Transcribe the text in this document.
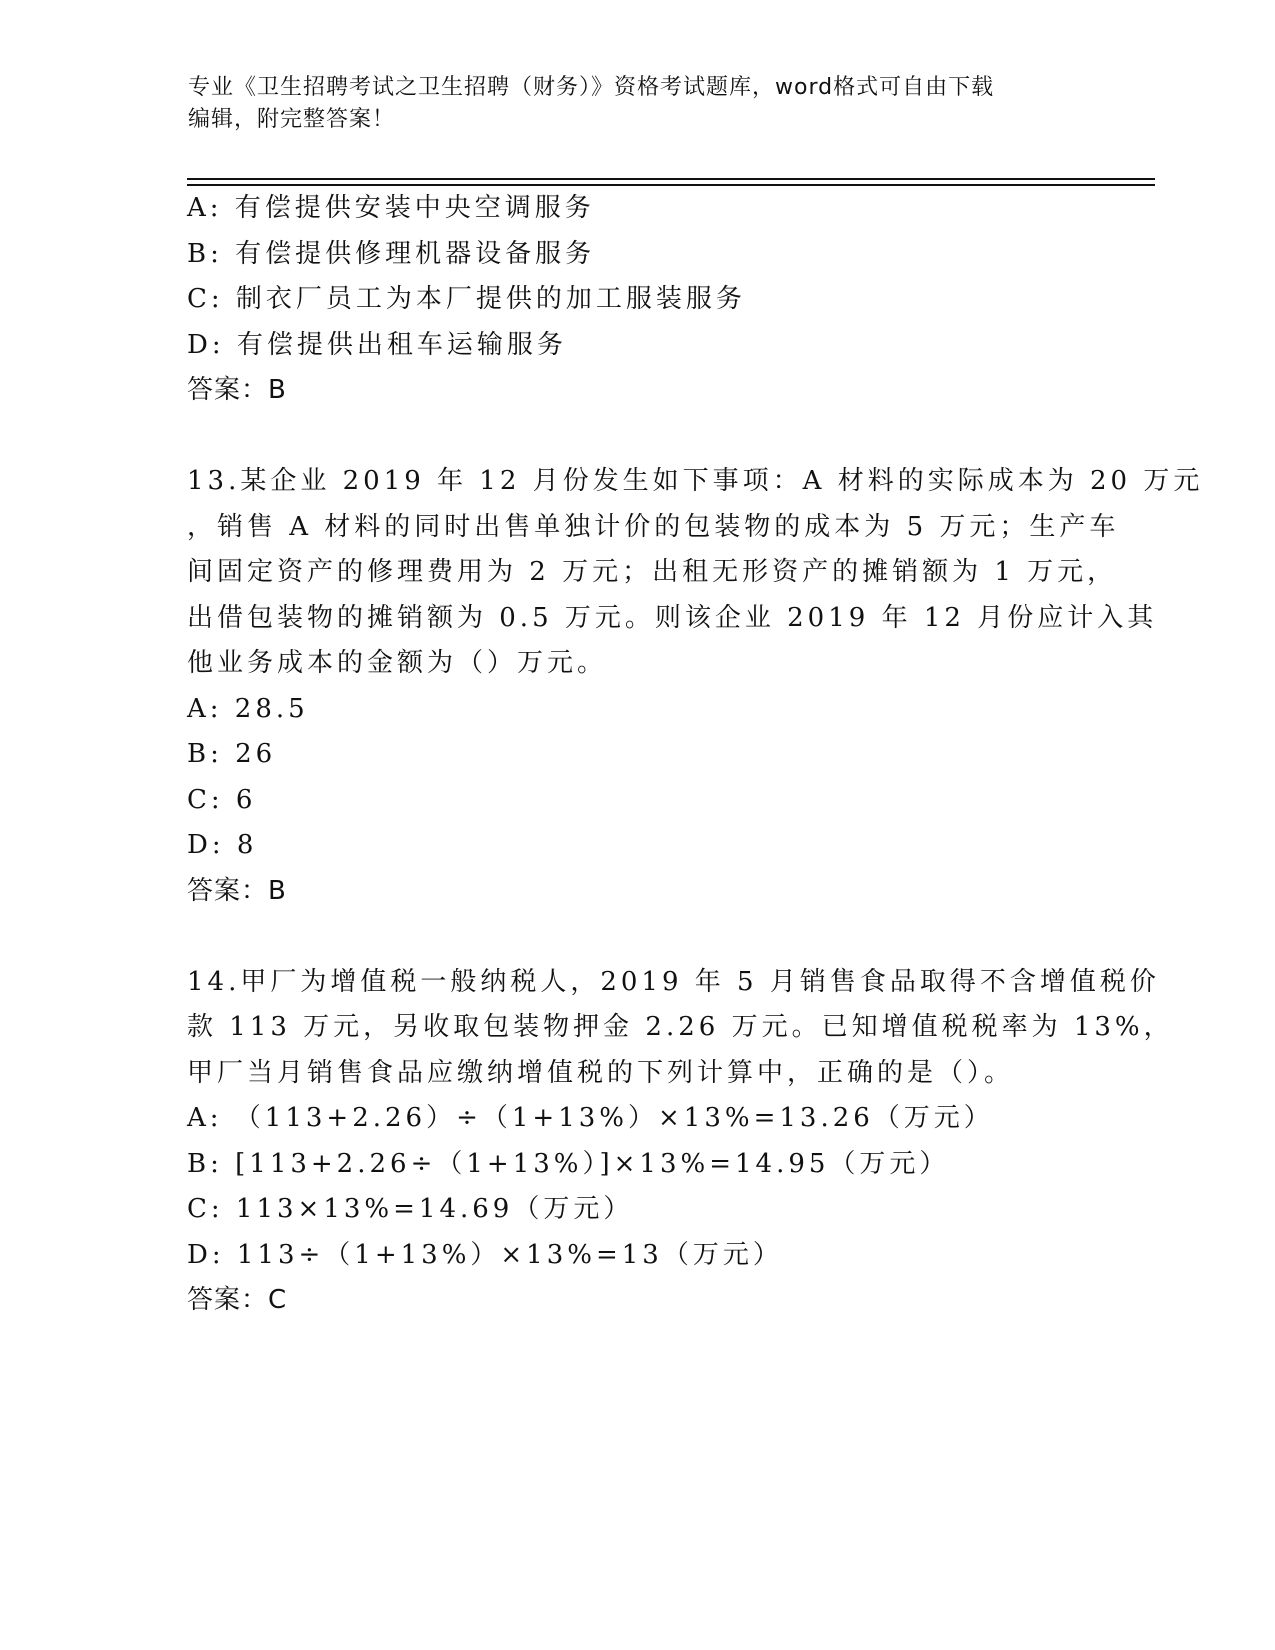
专业《卫生招聘考试之卫生招聘（财务）》资格考试题库，word格式可自由下载
编辑，附完整答案！
A: 有偿提供安装中央空调服务
B: 有偿提供修理机器设备服务
C: 制衣厂员工为本厂提供的加工服装服务
D: 有偿提供出租车运输服务
答案：B
13.某企业 2019 年 12 月份发生如下事项：A 材料的实际成本为 20 万元
，销售 A 材料的同时出售单独计价的包装物的成本为 5 万元；生产车
间固定资产的修理费用为 2 万元；出租无形资产的摊销额为 1 万元，
出借包装物的摊销额为 0.5 万元。则该企业 2019 年 12 月份应计入其
他业务成本的金额为（）万元。
A: 28.5
B: 26
C: 6
D: 8
答案：B
14.甲厂为增值税一般纳税人，2019 年 5 月销售食品取得不含增值税价
款 113 万元，另收取包装物押金 2.26 万元。已知增值税税率为 13%，
甲厂当月销售食品应缴纳增值税的下列计算中，正确的是（）。
A: （113+2.26）÷（1+13%）×13%=13.26（万元）
B: [113+2.26÷（1+13%）]×13%=14.95（万元）
C: 113×13%=14.69（万元）
D: 113÷（1+13%）×13%=13（万元）
答案：C
